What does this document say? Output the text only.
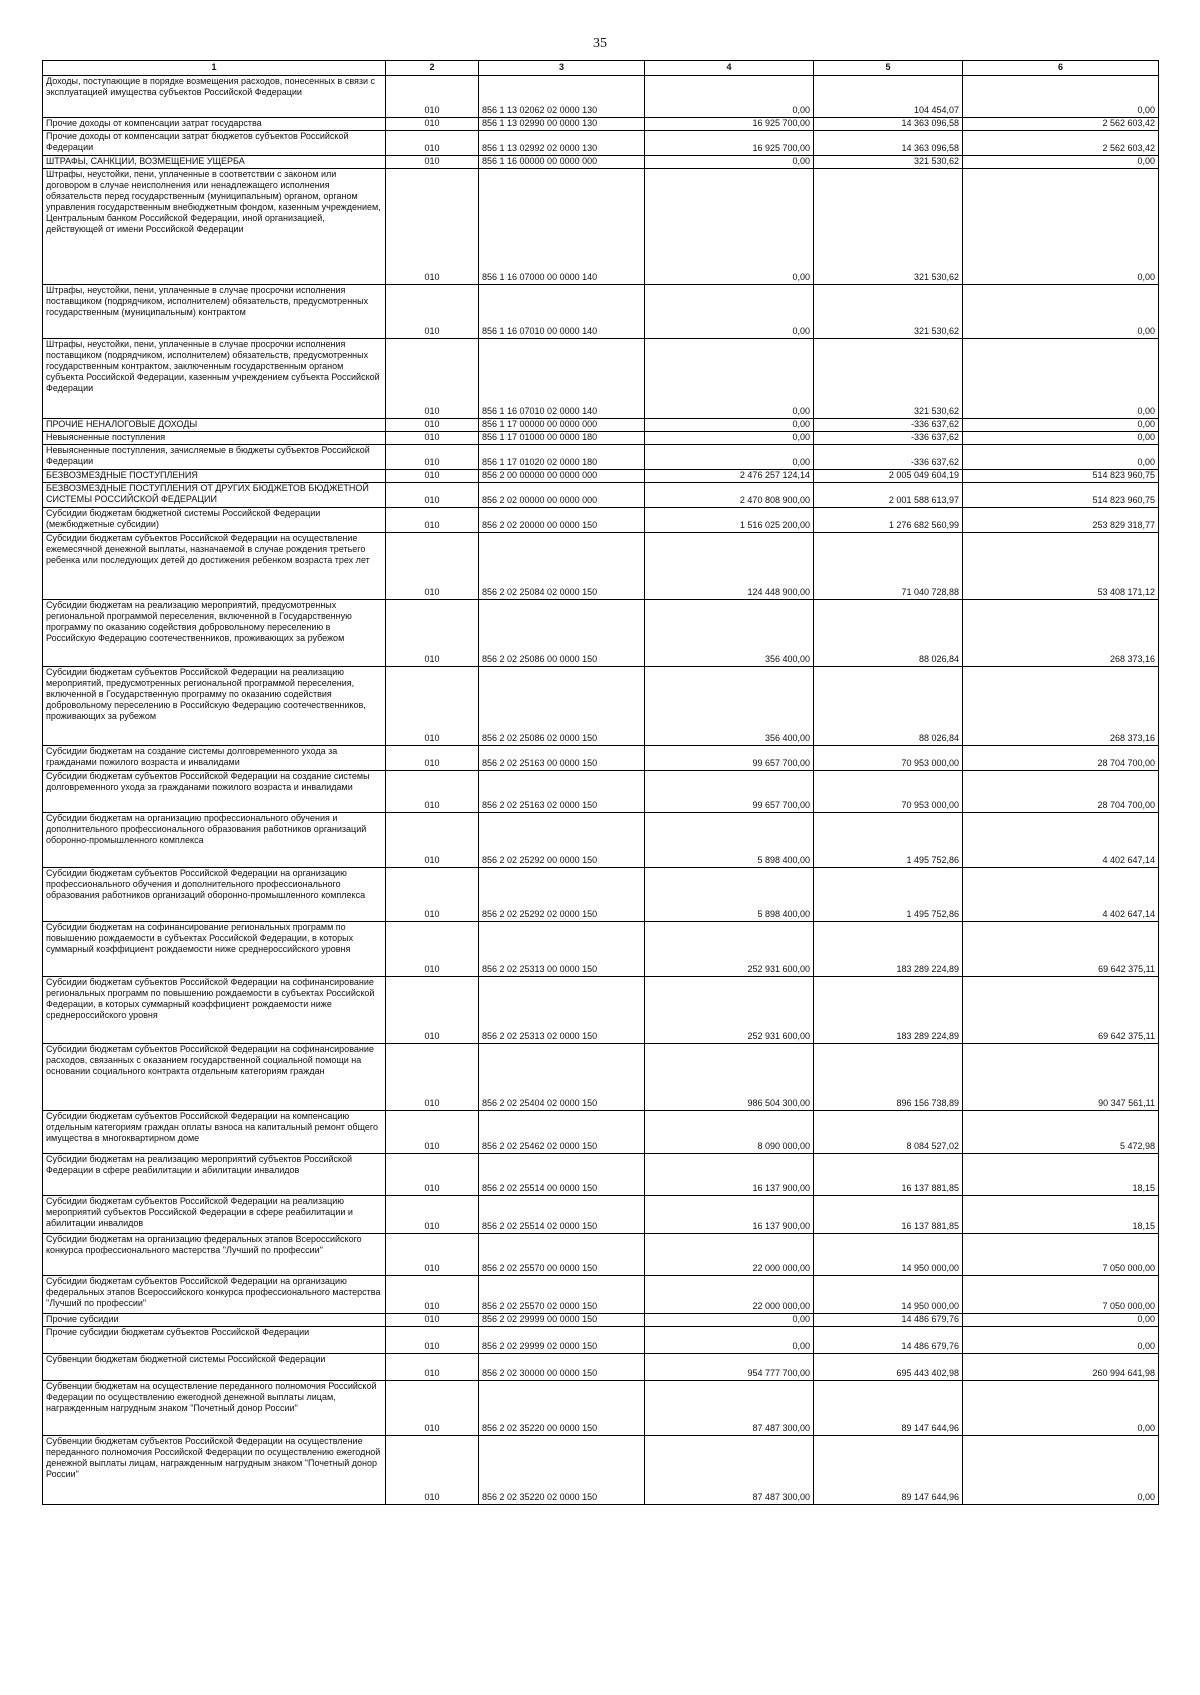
35
1	2	3	4	5	6
Доходы, поступающие в порядке возмещения расходов, понесенных в связи с эксплуатацией имущества субъектов Российской Федерации	010	856 1 13 02062 02 0000 130	0,00	104 454,07	0,00
Прочие доходы от компенсации затрат государства	010	856 1 13 02990 00 0000 130	16 925 700,00	14 363 096,58	2 562 603,42
Прочие доходы от компенсации затрат бюджетов субъектов Российской Федерации	010	856 1 13 02992 02 0000 130	16 925 700,00	14 363 096,58	2 562 603,42
ШТРАФЫ, САНКЦИИ, ВОЗМЕЩЕНИЕ УЩЕРБА	010	856 1 16 00000 00 0000 000	0,00	321 530,62	0,00
Штрафы, неустойки, пени, уплаченные в соответствии с законом или договором в случае неисполнения или ненадлежащего исполнения обязательств перед государственным (муниципальным) органом, органом управления государственным внебюджетным фондом, казенным учреждением, Центральным банком Российской Федерации, иной организацией, действующей от имени Российской Федерации	010	856 1 16 07000 00 0000 140	0,00	321 530,62	0,00
Штрафы, неустойки, пени, уплаченные в случае просрочки исполнения поставщиком (подрядчиком, исполнителем) обязательств, предусмотренных государственным (муниципальным) контрактом	010	856 1 16 07010 00 0000 140	0,00	321 530,62	0,00
Штрафы, неустойки, пени, уплаченные в случае просрочки исполнения поставщиком (подрядчиком, исполнителем) обязательств, предусмотренных государственным контрактом, заключенным государственным органом субъекта Российской Федерации, казенным учреждением субъекта Российской Федерации	010	856 1 16 07010 02 0000 140	0,00	321 530,62	0,00
ПРОЧИЕ НЕНАЛОГОВЫЕ ДОХОДЫ	010	856 1 17 00000 00 0000 000	0,00	-336 637,62	0,00
Невыясненные поступления	010	856 1 17 01000 00 0000 180	0,00	-336 637,62	0,00
Невыясненные поступления, зачисляемые в бюджеты субъектов Российской Федерации	010	856 1 17 01020 02 0000 180	0,00	-336 637,62	0,00
БЕЗВОЗМЕЗДНЫЕ ПОСТУПЛЕНИЯ	010	856 2 00 00000 00 0000 000	2 476 257 124,14	2 005 049 604,19	514 823 960,75
БЕЗВОЗМЕЗДНЫЕ ПОСТУПЛЕНИЯ ОТ ДРУГИХ БЮДЖЕТОВ БЮДЖЕТНОЙ СИСТЕМЫ РОССИЙСКОЙ ФЕДЕРАЦИИ	010	856 2 02 00000 00 0000 000	2 470 808 900,00	2 001 588 613,97	514 823 960,75
Субсидии бюджетам бюджетной системы Российской Федерации (межбюджетные субсидии)	010	856 2 02 20000 00 0000 150	1 516 025 200,00	1 276 682 560,99	253 829 318,77
Субсидии бюджетам субъектов Российской Федерации на осуществление ежемесячной денежной выплаты, назначаемой в случае рождения третьего ребенка или последующих детей до достижения ребенком возраста трех лет	010	856 2 02 25084 02 0000 150	124 448 900,00	71 040 728,88	53 408 171,12
Субсидии бюджетам на реализацию мероприятий, предусмотренных региональной программой переселения, включенной в Государственную программу по оказанию содействия добровольному переселению в Российскую Федерацию соотечественников, проживающих за рубежом	010	856 2 02 25086 00 0000 150	356 400,00	88 026,84	268 373,16
Субсидии бюджетам субъектов Российской Федерации на реализацию мероприятий, предусмотренных региональной программой переселения, включенной в Государственную программу по оказанию содействия добровольному переселению в Российскую Федерацию соотечественников, проживающих за рубежом	010	856 2 02 25086 02 0000 150	356 400,00	88 026,84	268 373,16
Субсидии бюджетам на создание системы долговременного ухода за гражданами пожилого возраста и инвалидами	010	856 2 02 25163 00 0000 150	99 657 700,00	70 953 000,00	28 704 700,00
Субсидии бюджетам субъектов Российской Федерации на создание системы долговременного ухода за гражданами пожилого возраста и инвалидами	010	856 2 02 25163 02 0000 150	99 657 700,00	70 953 000,00	28 704 700,00
Субсидии бюджетам на организацию профессионального обучения и дополнительного профессионального образования работников организаций оборонно-промышленного комплекса	010	856 2 02 25292 00 0000 150	5 898 400,00	1 495 752,86	4 402 647,14
Субсидии бюджетам субъектов Российской Федерации на организацию профессионального обучения и дополнительного профессионального образования работников организаций оборонно-промышленного комплекса	010	856 2 02 25292 02 0000 150	5 898 400,00	1 495 752,86	4 402 647,14
Субсидии бюджетам на софинансирование региональных программ по повышению рождаемости в субъектах Российской Федерации, в которых суммарный коэффициент рождаемости ниже среднероссийского уровня	010	856 2 02 25313 00 0000 150	252 931 600,00	183 289 224,89	69 642 375,11
Субсидии бюджетам субъектов Российской Федерации на софинансирование региональных программ по повышению рождаемости в субъектах Российской Федерации, в которых суммарный коэффициент рождаемости ниже среднероссийского уровня	010	856 2 02 25313 02 0000 150	252 931 600,00	183 289 224,89	69 642 375,11
Субсидии бюджетам субъектов Российской Федерации на софинансирование расходов, связанных с оказанием государственной социальной помощи на основании социального контракта отдельным категориям граждан	010	856 2 02 25404 02 0000 150	986 504 300,00	896 156 738,89	90 347 561,11
Субсидии бюджетам субъектов Российской Федерации на компенсацию отдельным категориям граждан оплаты взноса на капитальный ремонт общего имущества в многоквартирном доме	010	856 2 02 25462 02 0000 150	8 090 000,00	8 084 527,02	5 472,98
Субсидии бюджетам на реализацию мероприятий субъектов Российской Федерации в сфере реабилитации и абилитации инвалидов	010	856 2 02 25514 00 0000 150	16 137 900,00	16 137 881,85	18,15
Субсидии бюджетам субъектов Российской Федерации на реализацию мероприятий субъектов Российской Федерации в сфере реабилитации и абилитации инвалидов	010	856 2 02 25514 02 0000 150	16 137 900,00	16 137 881,85	18,15
Субсидии бюджетам на организацию федеральных этапов Всероссийского конкурса профессионального мастерства "Лучший по профессии"	010	856 2 02 25570 00 0000 150	22 000 000,00	14 950 000,00	7 050 000,00
Субсидии бюджетам субъектов Российской Федерации на организацию федеральных этапов Всероссийского конкурса профессионального мастерства "Лучший по профессии"	010	856 2 02 25570 02 0000 150	22 000 000,00	14 950 000,00	7 050 000,00
Прочие субсидии	010	856 2 02 29999 00 0000 150	0,00	14 486 679,76	0,00
Прочие субсидии бюджетам субъектов Российской Федерации	010	856 2 02 29999 02 0000 150	0,00	14 486 679,76	0,00
Субвенции бюджетам бюджетной системы Российской Федерации	010	856 2 02 30000 00 0000 150	954 777 700,00	695 443 402,98	260 994 641,98
Субвенции бюджетам на осуществление переданного полномочия Российской Федерации по осуществлению ежегодной денежной выплаты лицам, награжденным нагрудным знаком "Почетный донор России"	010	856 2 02 35220 00 0000 150	87 487 300,00	89 147 644,96	0,00
Субвенции бюджетам субъектов Российской Федерации на осуществление переданного полномочия Российской Федерации по осуществлению ежегодной денежной выплаты лицам, награжденным нагрудным знаком "Почетный донор России"	010	856 2 02 35220 02 0000 150	87 487 300,00	89 147 644,96	0,00
